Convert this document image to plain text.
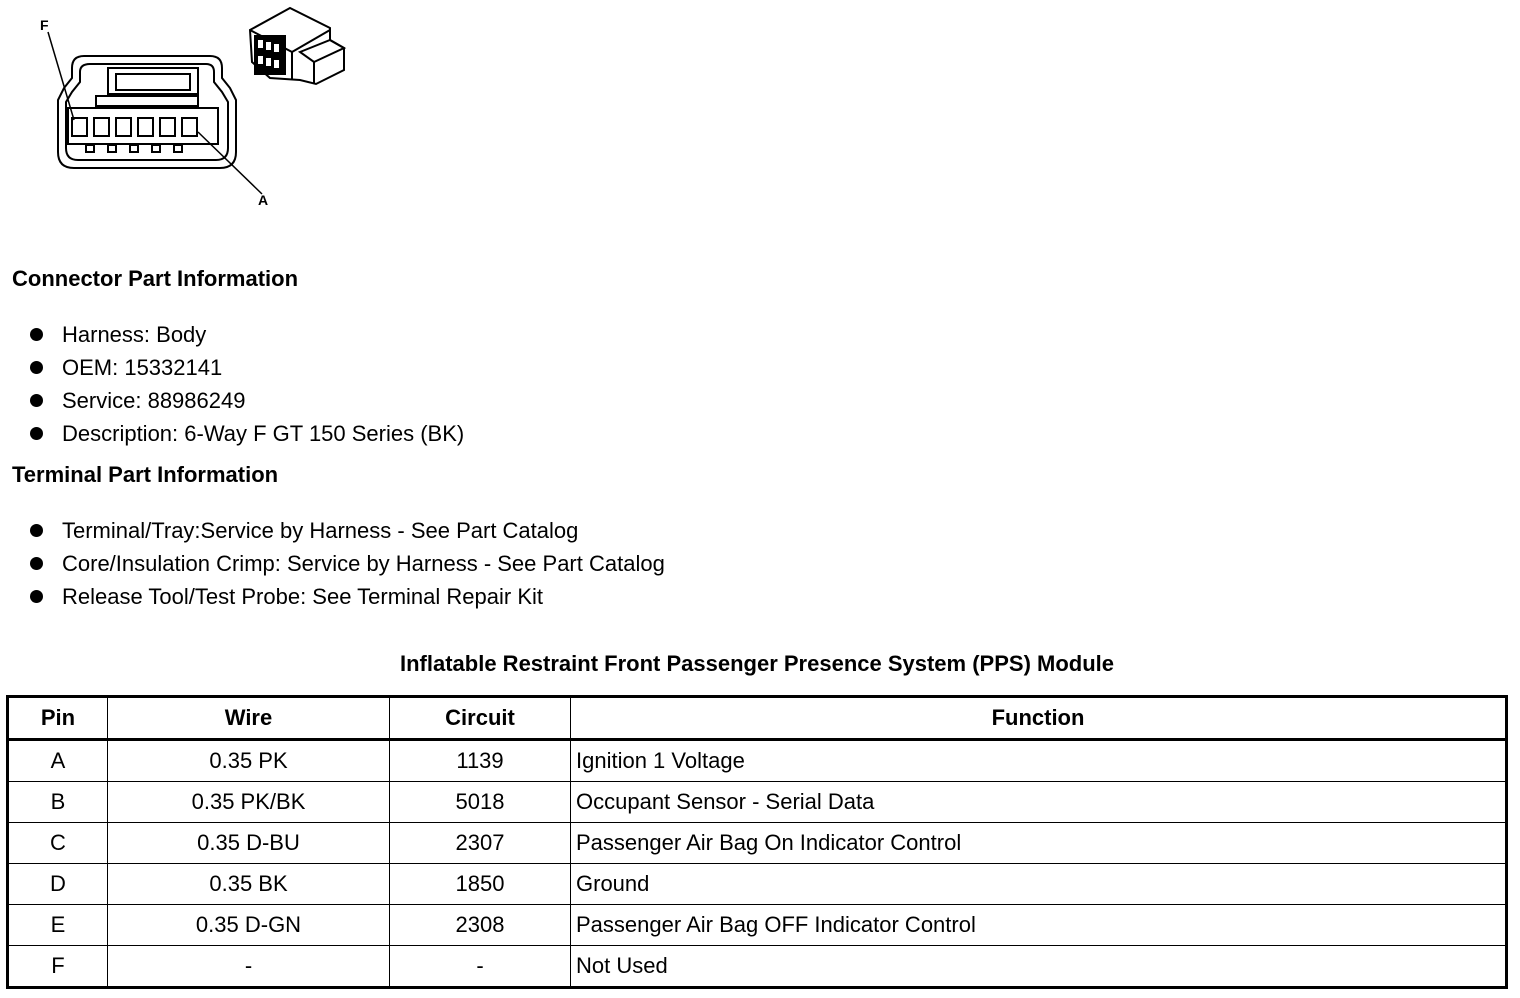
F
A
Connector Part Information
Harness: Body
OEM: 15332141
Service: 88986249
Description: 6-Way F GT 150 Series (BK)
Terminal Part Information
Terminal/Tray:Service by Harness - See Part Catalog
Core/Insulation Crimp: Service by Harness - See Part Catalog
Release Tool/Test Probe: See Terminal Repair Kit
Inflatable Restraint Front Passenger Presence System (PPS) Module
Pin	Wire	Circuit	Function
A	0.35 PK	1139	Ignition 1 Voltage
B	0.35 PK/BK	5018	Occupant Sensor - Serial Data
C	0.35 D-BU	2307	Passenger Air Bag On Indicator Control
D	0.35 BK	1850	Ground
E	0.35 D-GN	2308	Passenger Air Bag OFF Indicator Control
F	-	-	Not Used
